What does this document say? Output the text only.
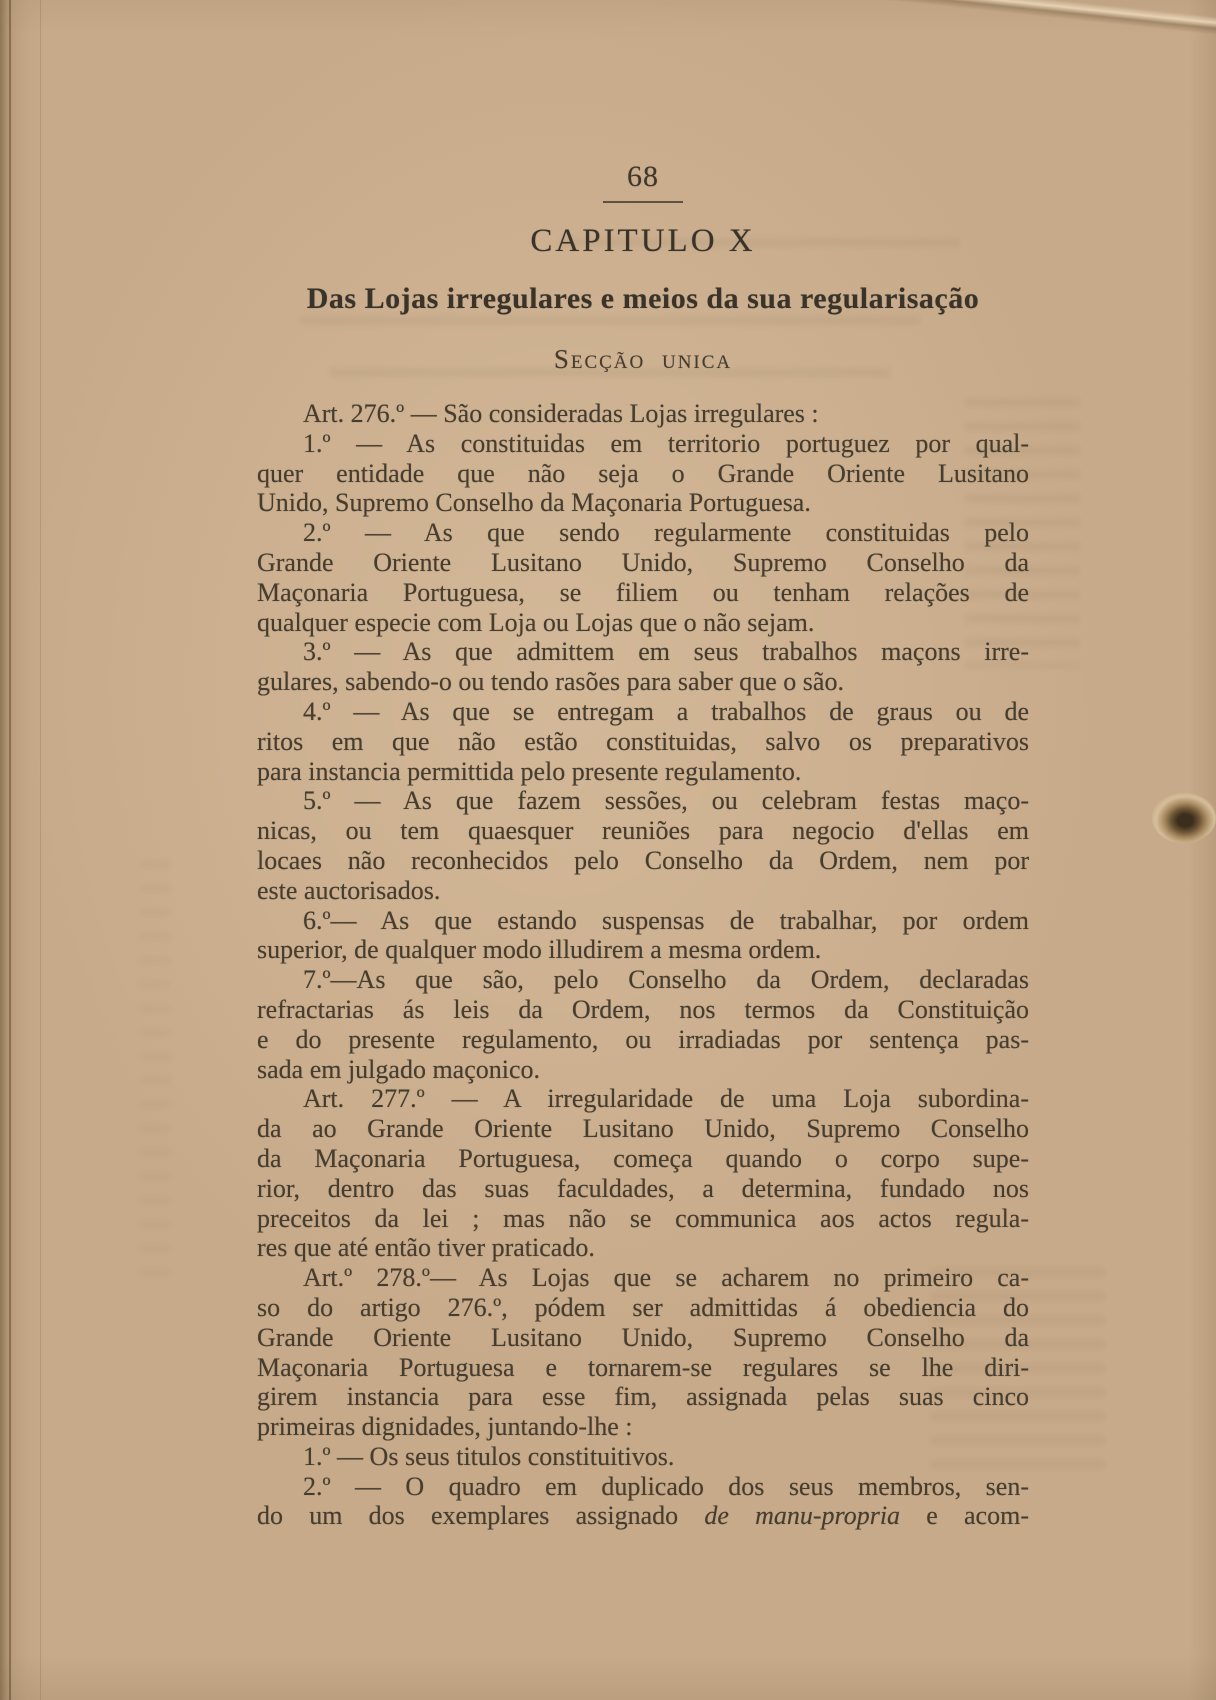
68
CAPITULO X
Das Lojas irregulares e meios da sua regularisação
Secção unica
Art. 276.º — São consideradas Lojas irregulares :
1.º — As constituidas em territorio portuguez por qual-
quer entidade que não seja o Grande Oriente Lusitano
Unido, Supremo Conselho da Maçonaria Portuguesa.
2.º — As que sendo regularmente constituidas pelo
Grande Oriente Lusitano Unido, Supremo Conselho da
Maçonaria Portuguesa, se filiem ou tenham relações de
qualquer especie com Loja ou Lojas que o não sejam.
3.º — As que admittem em seus trabalhos maçons irre-
gulares, sabendo-o ou tendo rasões para saber que o são.
4.º — As que se entregam a trabalhos de graus ou de
ritos em que não estão constituidas, salvo os preparativos
para instancia permittida pelo presente regulamento.
5.º — As que fazem sessões, ou celebram festas maço-
nicas, ou tem quaesquer reuniões para negocio d'ellas em
locaes não reconhecidos pelo Conselho da Ordem, nem por
este auctorisados.
6.º— As que estando suspensas de trabalhar, por ordem
superior, de qualquer modo illudirem a mesma ordem.
7.º—As que são, pelo Conselho da Ordem, declaradas
refractarias ás leis da Ordem, nos termos da Constituição
e do presente regulamento, ou irradiadas por sentença pas-
sada em julgado maçonico.
Art. 277.º — A irregularidade de uma Loja subordina-
da ao Grande Oriente Lusitano Unido, Supremo Conselho
da Maçonaria Portuguesa, começa quando o corpo supe-
rior, dentro das suas faculdades, a determina, fundado nos
preceitos da lei ; mas não se communica aos actos regula-
res que até então tiver praticado.
Art.º 278.º— As Lojas que se acharem no primeiro ca-
so do artigo 276.º, pódem ser admittidas á obediencia do
Grande Oriente Lusitano Unido, Supremo Conselho da
Maçonaria Portuguesa e tornarem-se regulares se lhe diri-
girem instancia para esse fim, assignada pelas suas cinco
primeiras dignidades, juntando-lhe :
1.º — Os seus titulos constituitivos.
2.º — O quadro em duplicado dos seus membros, sen-
do um dos exemplares assignado de manu-propria e acom-
